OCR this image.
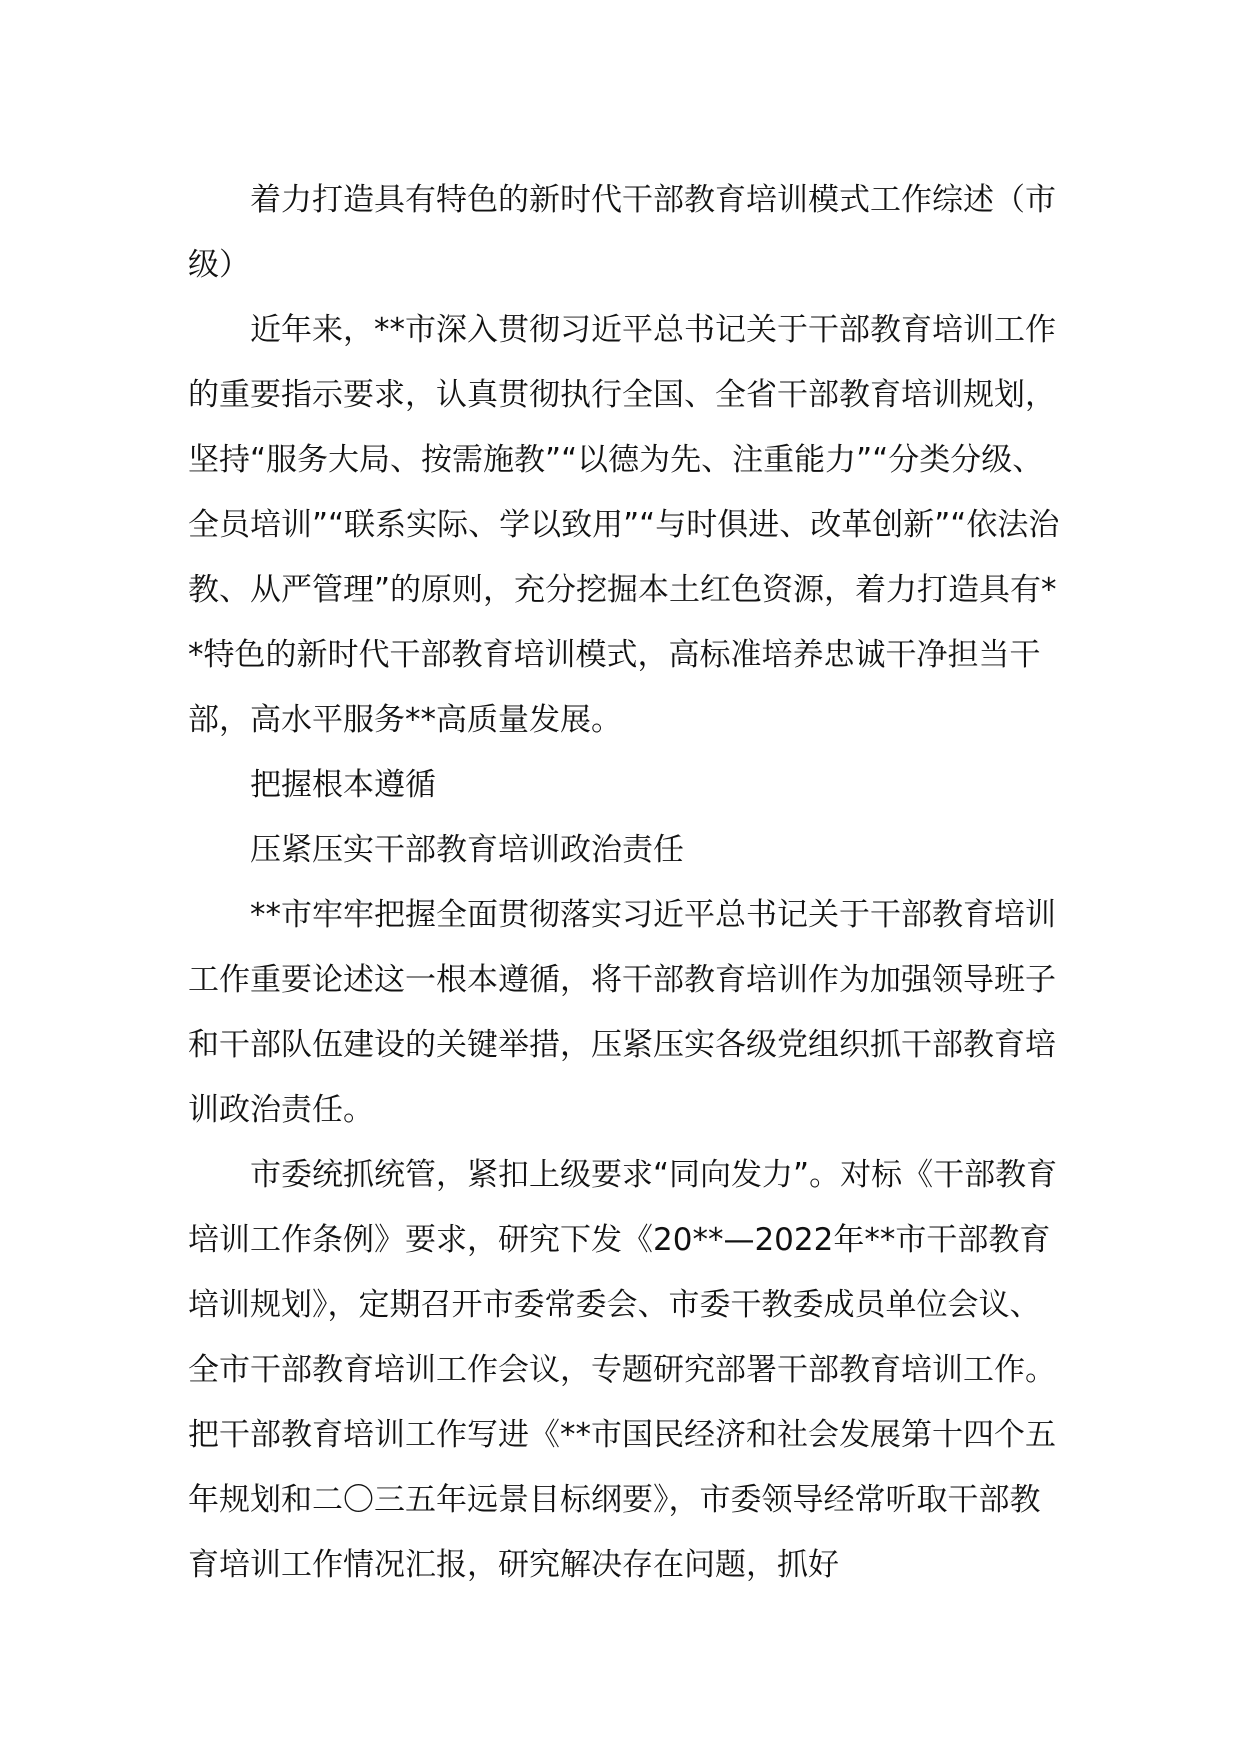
着力打造具有特色的新时代干部教育培训模式工作综述（市级）

近年来，**市深入贯彻习近平总书记关于干部教育培训工作的重要指示要求，认真贯彻执行全国、全省干部教育培训规划，坚持“服务大局、按需施教”“以德为先、注重能力”“分类分级、全员培训”“联系实际、学以致用”“与时俱进、改革创新”“依法治教、从严管理”的原则，充分挖掘本土红色资源，着力打造具有**特色的新时代干部教育培训模式，高标准培养忠诚干净担当干部，高水平服务**高质量发展。

把握根本遵循

压紧压实干部教育培训政治责任

**市牢牢把握全面贯彻落实习近平总书记关于干部教育培训工作重要论述这一根本遵循，将干部教育培训作为加强领导班子和干部队伍建设的关键举措，压紧压实各级党组织抓干部教育培训政治责任。

市委统抓统管，紧扣上级要求“同向发力”。对标《干部教育培训工作条例》要求，研究下发《20**—2022年**市干部教育培训规划》，定期召开市委常委会、市委干教委成员单位会议、全市干部教育培训工作会议，专题研究部署干部教育培训工作。把干部教育培训工作写进《**市国民经济和社会发展第十四个五年规划和二〇三五年远景目标纲要》，市委领导经常听取干部教育培训工作情况汇报，研究解决存在问题，抓好
